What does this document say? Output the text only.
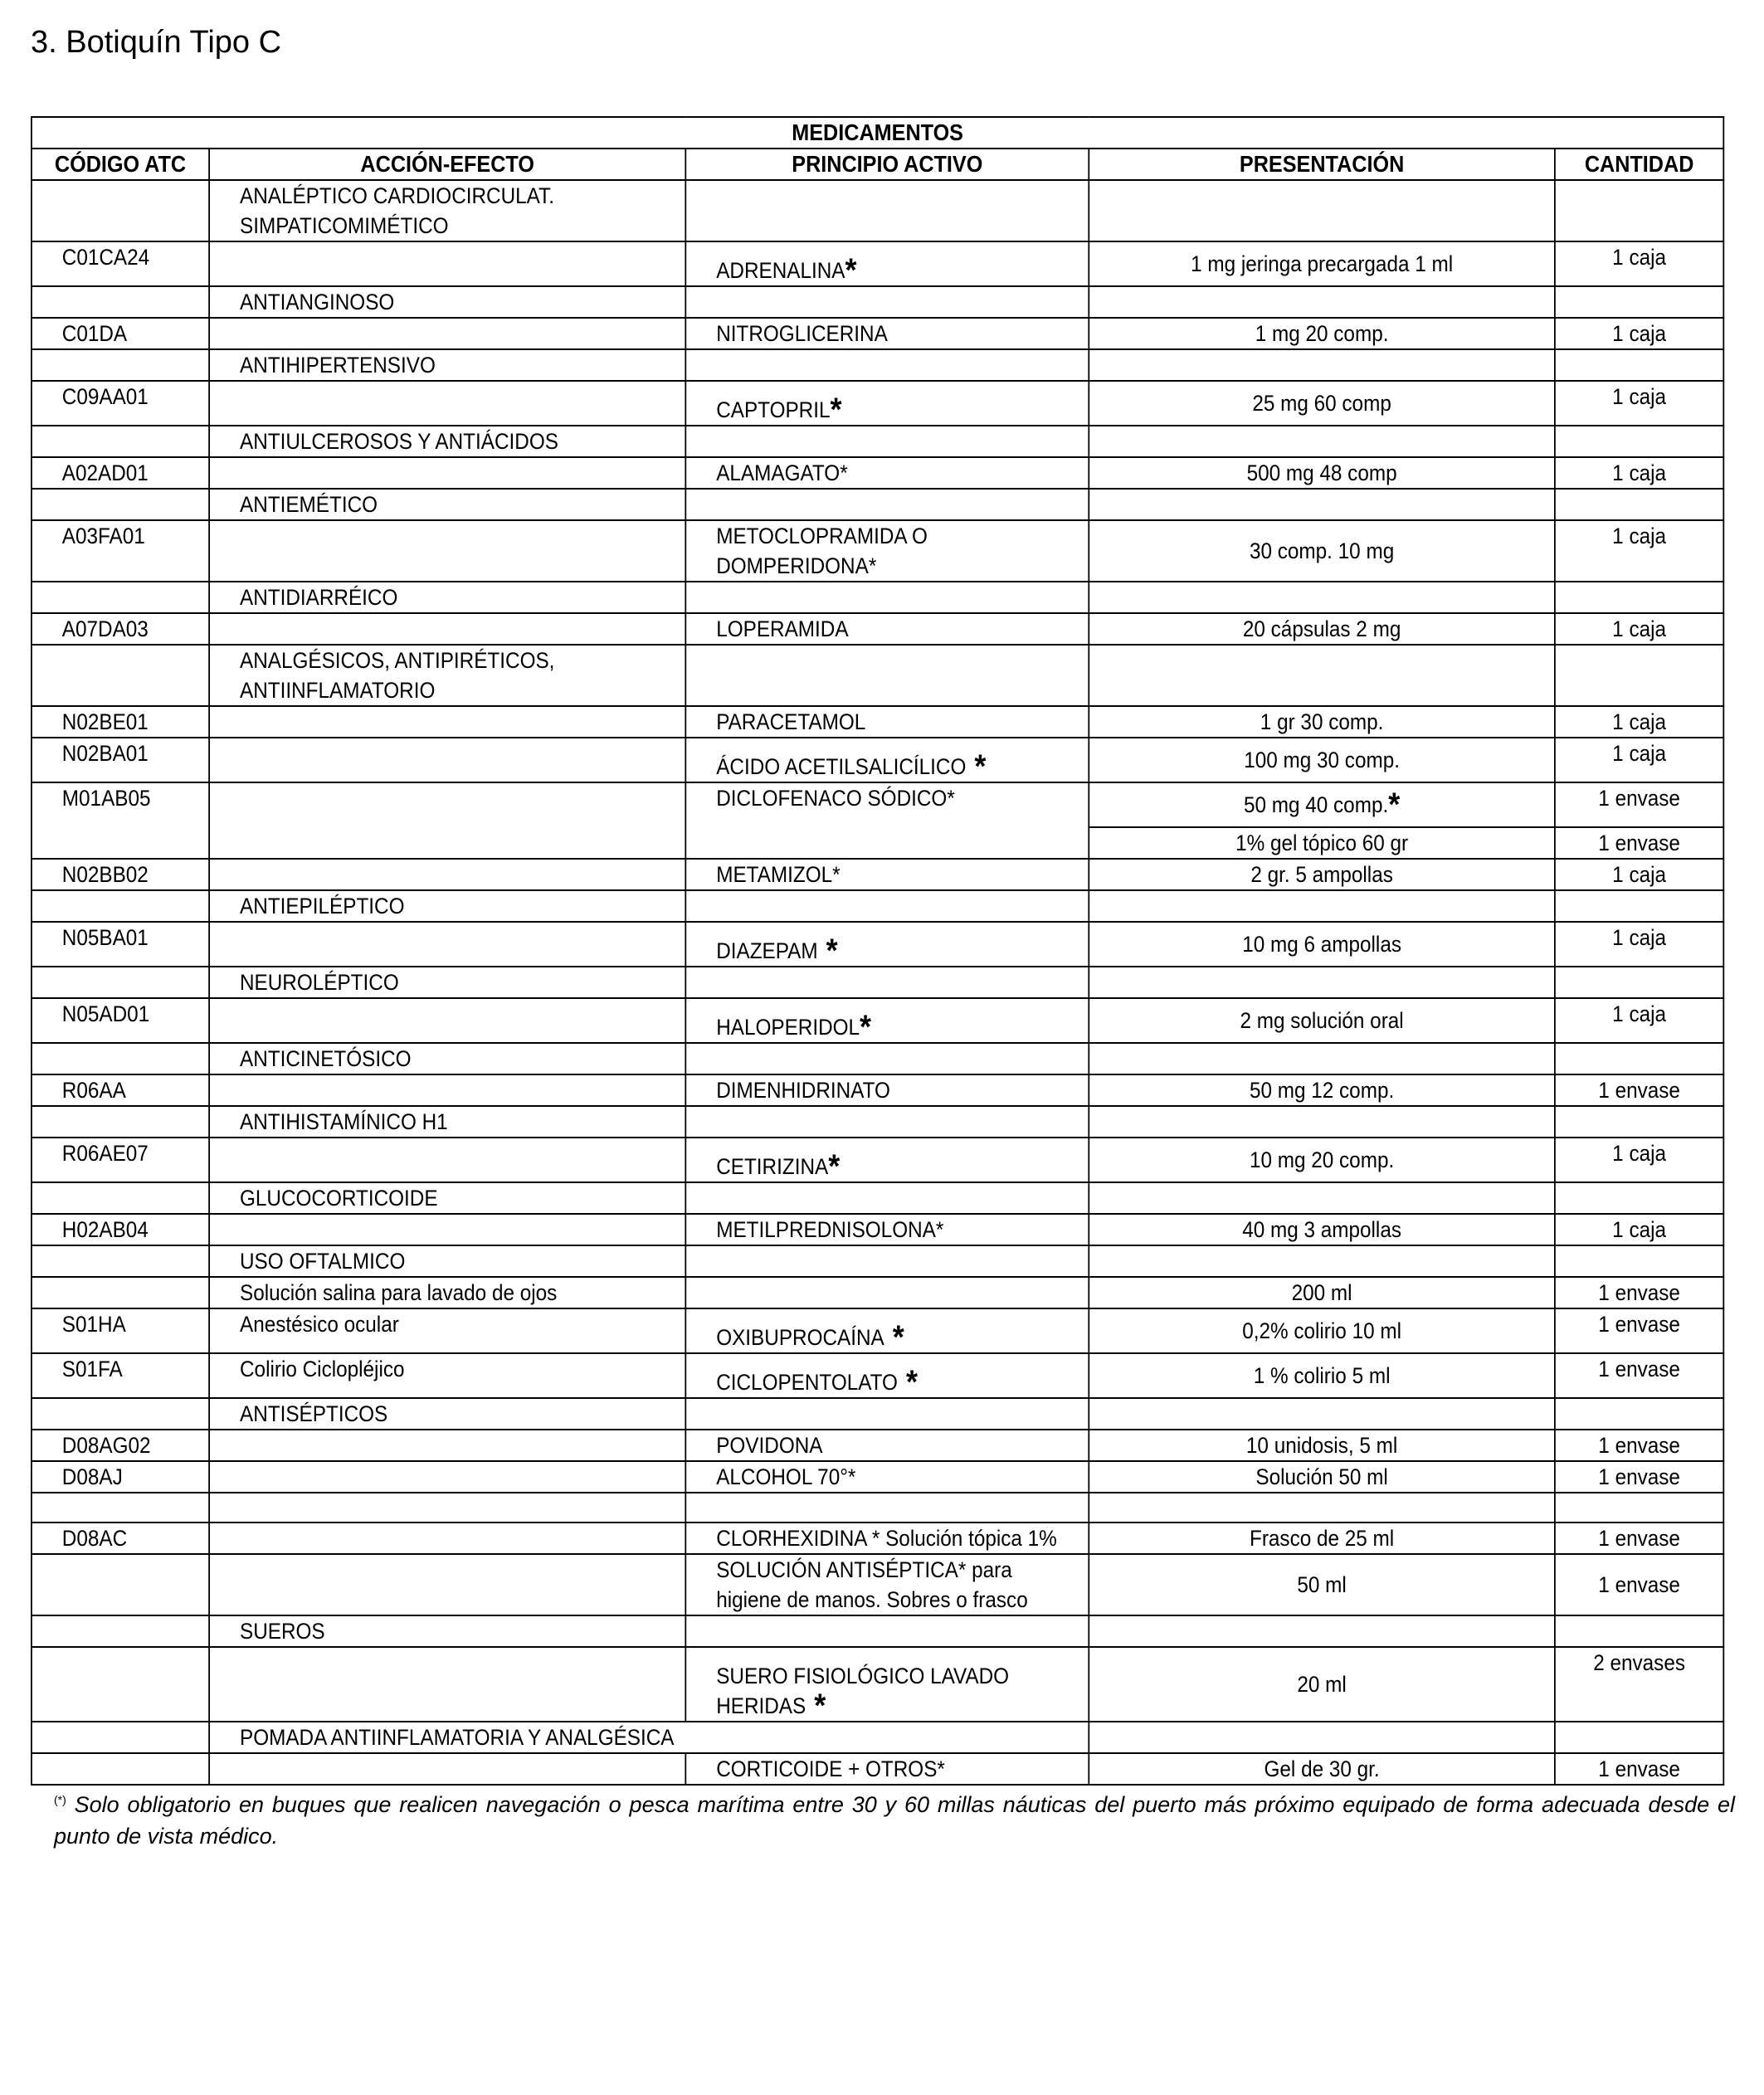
3. Botiquín Tipo C
MEDICAMENTOS				
CÓDIGO ATC	ACCIÓN-EFECTO	PRINCIPIO ACTIVO	PRESENTACIÓN	CANTIDAD
	ANALÉPTICO CARDIOCIRCULAT. SIMPATICOMIMÉTICO			
C01CA24		ADRENALINA*	1 mg jeringa precargada 1 ml	1 caja
	ANTIANGINOSO			
C01DA		NITROGLICERINA	1 mg 20 comp.	1 caja
	ANTIHIPERTENSIVO			
C09AA01		CAPTOPRIL*	25 mg 60 comp	1 caja
	ANTIULCEROSOS Y ANTIÁCIDOS			
A02AD01		ALAMAGATO*	500 mg 48 comp	1 caja
	ANTIEMÉTICO			
A03FA01		METOCLOPRAMIDA O DOMPERIDONA*	30 comp. 10 mg	1 caja
	ANTIDIARRÉICO			
A07DA03		LOPERAMIDA	20 cápsulas 2 mg	1 caja
	ANALGÉSICOS, ANTIPIRÉTICOS, ANTIINFLAMATORIO			
N02BE01		PARACETAMOL	1 gr 30 comp.	1 caja
N02BA01		ÁCIDO ACETILSALICÍLICO *	100 mg 30 comp.	1 caja
M01AB05		DICLOFENACO SÓDICO*	50 mg 40 comp.*	1 envase
			1% gel tópico 60 gr	1 envase
N02BB02		METAMIZOL*	2 gr. 5 ampollas	1 caja
	ANTIEPILÉPTICO			
N05BA01		DIAZEPAM *	10 mg 6 ampollas	1 caja
	NEUROLÉPTICO			
N05AD01		HALOPERIDOL*	2 mg solución oral	1 caja
	ANTICINETÓSICO			
R06AA		DIMENHIDRINATO	50 mg 12 comp.	1 envase
	ANTIHISTAMÍNICO H1			
R06AE07		CETIRIZINA*	10 mg 20 comp.	1 caja
	GLUCOCORTICOIDE			
H02AB04		METILPREDNISOLONA*	40 mg 3 ampollas	1 caja
	USO OFTALMICO			
	Solución salina para lavado de ojos		200 ml	1 envase
S01HA	Anestésico ocular	OXIBUPROCAÍNA *	0,2% colirio 10 ml	1 envase
S01FA	Colirio Ciclopléjico	CICLOPENTOLATO *	1 % colirio 5 ml	1 envase
	ANTISÉPTICOS			
D08AG02		POVIDONA	10 unidosis, 5 ml	1 envase
D08AJ		ALCOHOL 70°*	Solución 50 ml	1 envase

D08AC		CLORHEXIDINA * Solución tópica 1%	Frasco de 25 ml	1 envase
		SOLUCIÓN ANTISÉPTICA* para higiene de manos. Sobres o frasco	50 ml	1 envase
	SUEROS			
		SUERO FISIOLÓGICO LAVADO HERIDAS *	20 ml	2 envases
	POMADA ANTIINFLAMATORIA Y ANALGÉSICA			
		CORTICOIDE + OTROS*	Gel de 30 gr.	1 envase
(*) Solo obligatorio en buques que realicen navegación o pesca marítima entre 30 y 60 millas náuticas del puerto más próximo equipado de forma adecuada desde el punto de vista médico.
